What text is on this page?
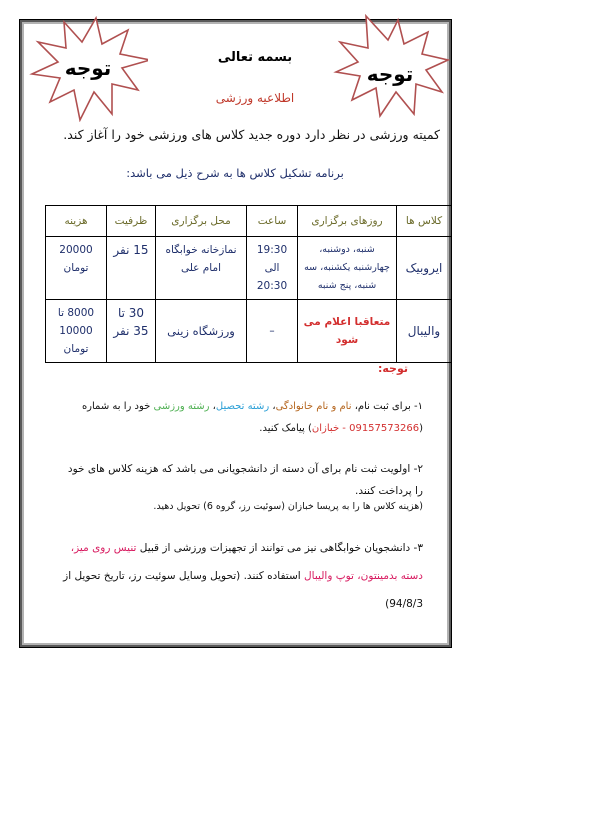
توجه	توجه
بسمه تعالی
اطلاعیه ورزشی
کمیته ورزشی در نظر دارد دوره جدید کلاس های ورزشی خود را آغاز کند.
برنامه تشکیل کلاس ها به شرح ذیل می باشد:
کلاس ها	روزهای برگزاری	ساعت	محل برگزاری	ظرفیت	هزینه
ایروبیک	شنبه، دوشنبه، چهارشنبه یکشنبه، سه شنبه، پنج شنبه	19:30 الی 20:30	نمازخانه خوابگاه امام علی	15 نفر	20000 تومان
والیبال	متعاقبا اعلام می شود	–	ورزشگاه زینی	30 تا 35 نفر	8000 تا 10000 تومان
توجه:
۱- برای ثبت نام، نام و نام خانوادگی، رشته تحصیل، رشته ورزشی خود را به شماره (09157573266 - خبازان) پیامک کنید.
۲- اولویت ثبت نام برای آن دسته از دانشجویانی می باشد که هزینه کلاس های خود را پرداخت کنند.
(هزینه کلاس ها را به پریسا خبازان (سوئیت رز، گروه 6) تحویل دهید.
۳- دانشجویان خوابگاهی نیز می توانند از تجهیزات ورزشی از قبیل تنیس روی میز، دسته بدمینتون، توپ والیبال استفاده کنند. (تحویل وسایل سوئیت رز، تاریخ تحویل از 94/8/3)
